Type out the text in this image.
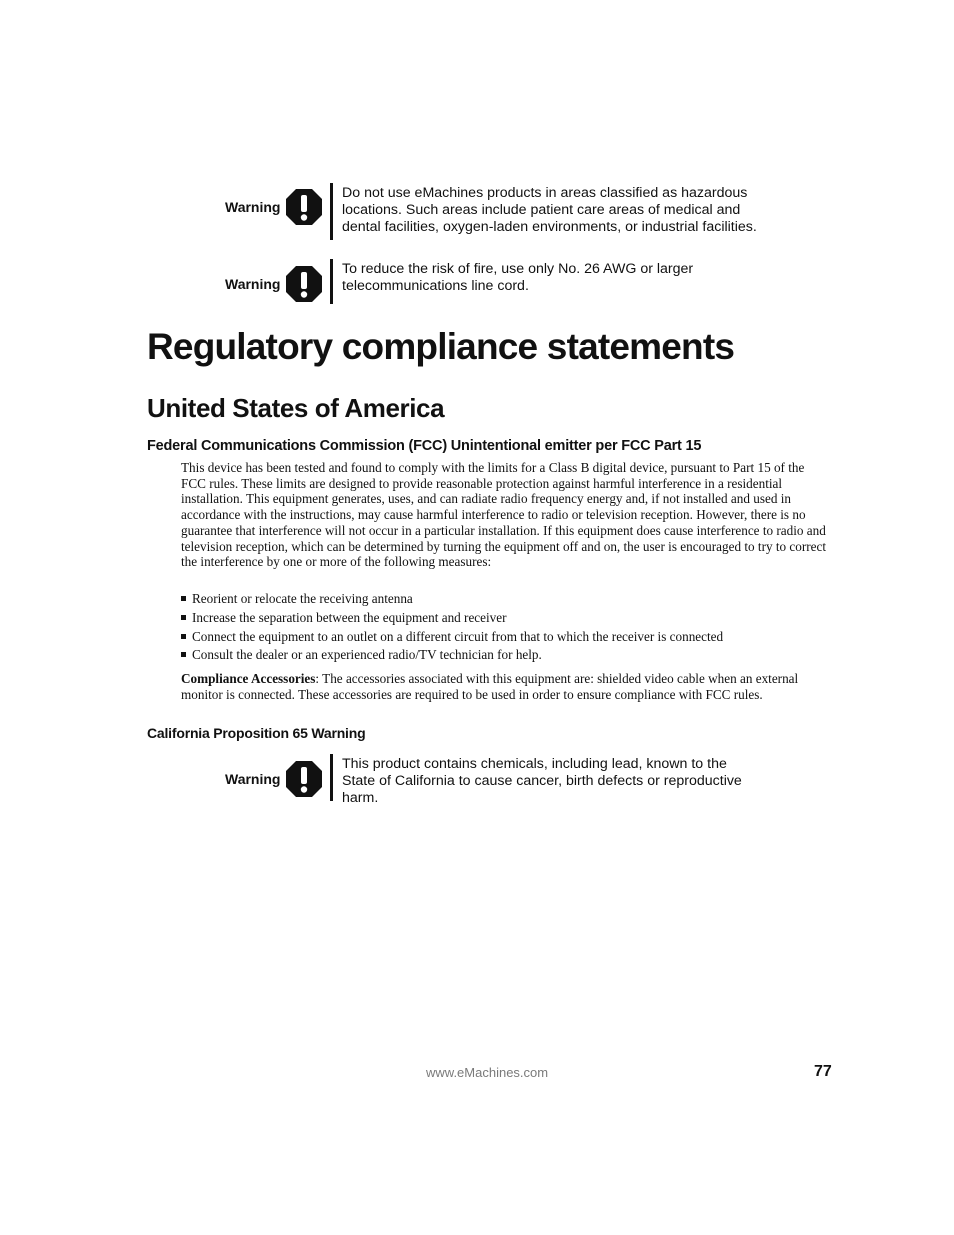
Warning
Do not use eMachines products in areas classified as hazardous locations. Such areas include patient care areas of medical and dental facilities, oxygen-laden environments, or industrial facilities.
Warning
To reduce the risk of fire, use only No. 26 AWG or larger telecommunications line cord.
Regulatory compliance statements
United States of America
Federal Communications Commission (FCC) Unintentional emitter per FCC Part 15

This device has been tested and found to comply with the limits for a Class B digital device, pursuant to Part 15 of the FCC rules. These limits are designed to provide reasonable protection against harmful interference in a residential installation. This equipment generates, uses, and can radiate radio frequency energy and, if not installed and used in accordance with the instructions, may cause harmful interference to radio or television reception. However, there is no guarantee that interference will not occur in a particular installation. If this equipment does cause interference to radio and television reception, which can be determined by turning the equipment off and on, the user is encouraged to try to correct the interference by one or more of the following measures:

Reorient or relocate the receiving antenna
Increase the separation between the equipment and receiver
Connect the equipment to an outlet on a different circuit from that to which the receiver is connected
Consult the dealer or an experienced radio/TV technician for help.

Compliance Accessories: The accessories associated with this equipment are: shielded video cable when an external monitor is connected. These accessories are required to be used in order to ensure compliance with FCC rules.

California Proposition 65 Warning
Warning
This product contains chemicals, including lead, known to the State of California to cause cancer, birth defects or reproductive harm.
www.eMachines.com	77
